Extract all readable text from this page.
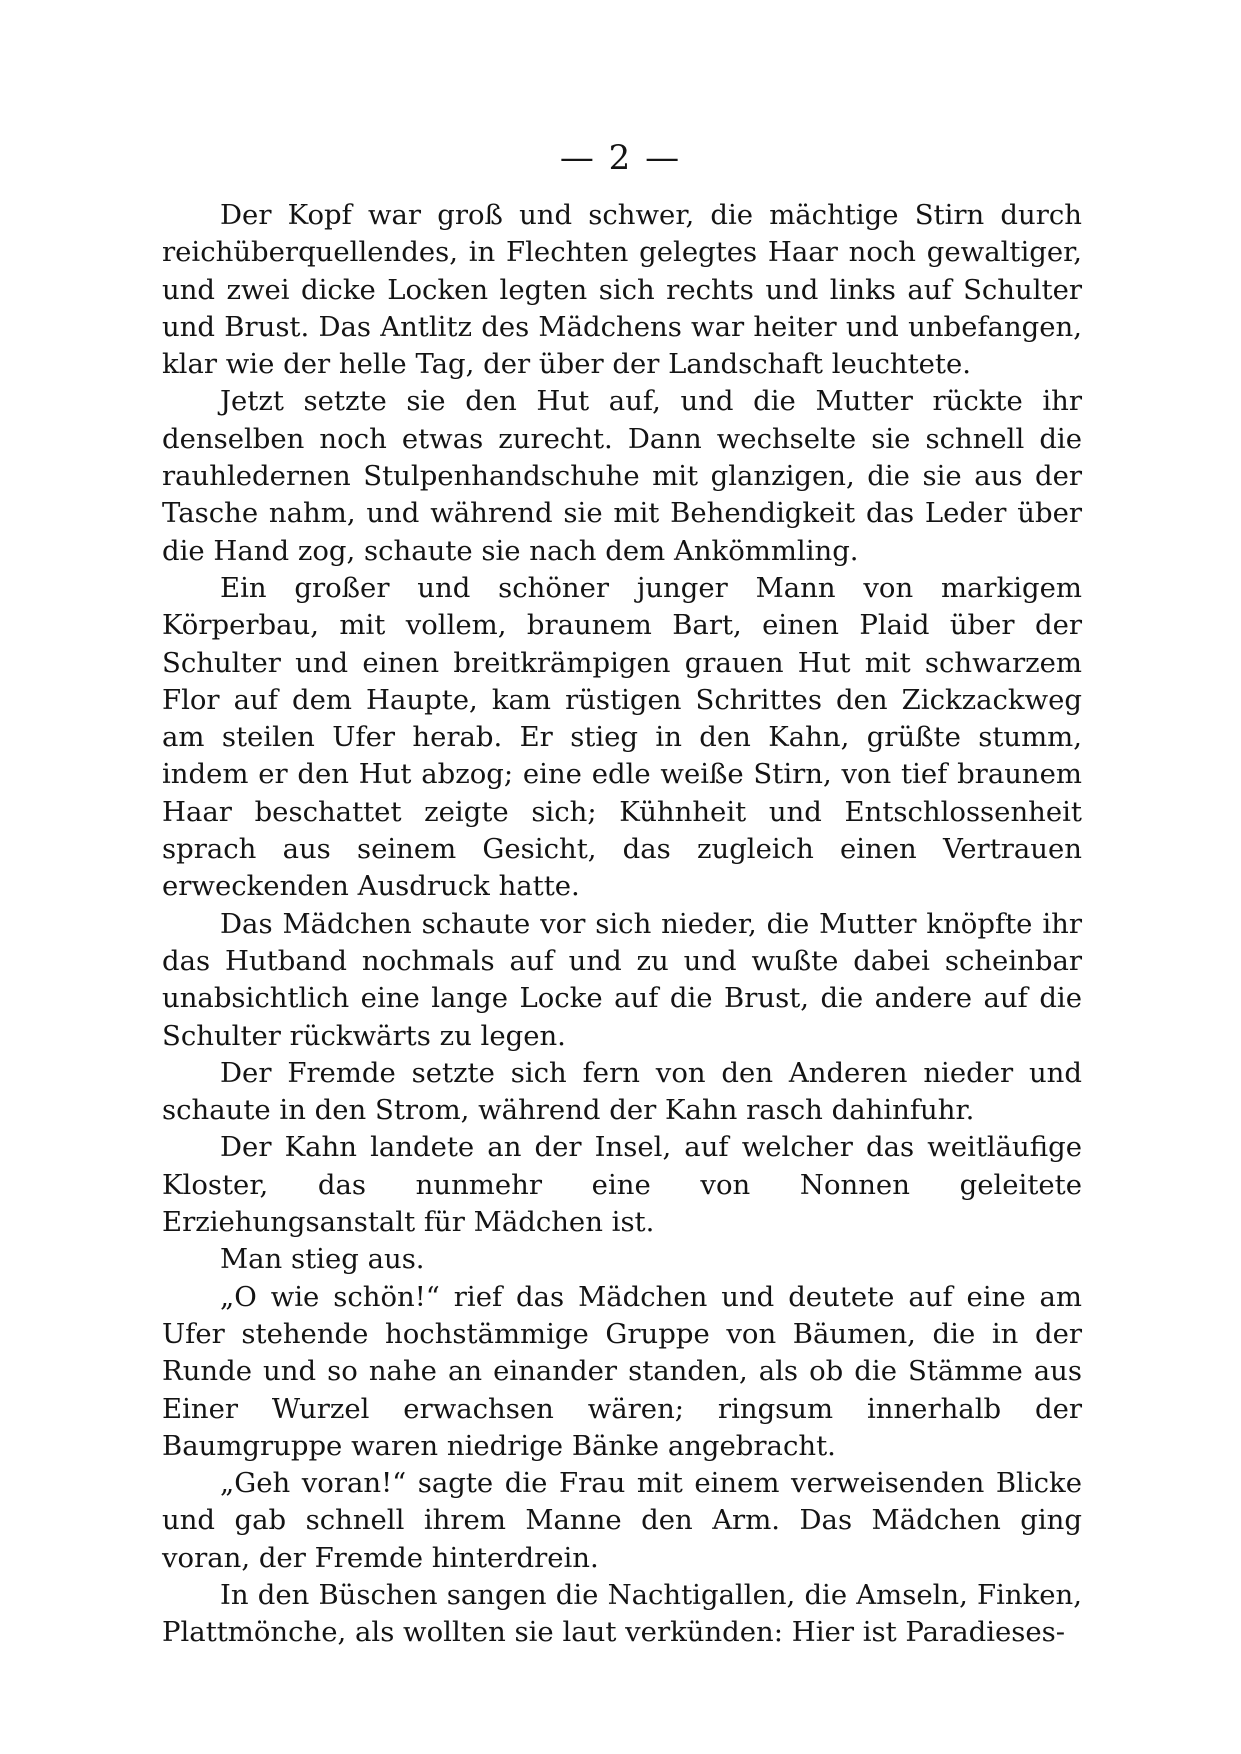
— 2 —

Der Kopf war groß und schwer, die mächtige Stirn durch reichüberquellendes, in Flechten gelegtes Haar noch gewaltiger, und zwei dicke Locken legten sich rechts und links auf Schulter und Brust. Das Antlitz des Mädchens war heiter und unbefangen, klar wie der helle Tag, der über der Landschaft leuchtete.

Jetzt setzte sie den Hut auf, und die Mutter rückte ihr denselben noch etwas zurecht. Dann wechselte sie schnell die rauhledernen Stulpenhandschuhe mit glanzigen, die sie aus der Tasche nahm, und während sie mit Behendigkeit das Leder über die Hand zog, schaute sie nach dem Ankömmling.

Ein großer und schöner junger Mann von markigem Körperbau, mit vollem, braunem Bart, einen Plaid über der Schulter und einen breitkrämpigen grauen Hut mit schwarzem Flor auf dem Haupte, kam rüstigen Schrittes den Zickzackweg am steilen Ufer herab. Er stieg in den Kahn, grüßte stumm, indem er den Hut abzog; eine edle weiße Stirn, von tief braunem Haar beschattet zeigte sich; Kühnheit und Entschlossenheit sprach aus seinem Gesicht, das zugleich einen Vertrauen erweckenden Ausdruck hatte.

Das Mädchen schaute vor sich nieder, die Mutter knöpfte ihr das Hutband nochmals auf und zu und wußte dabei scheinbar unabsichtlich eine lange Locke auf die Brust, die andere auf die Schulter rückwärts zu legen.

Der Fremde setzte sich fern von den Anderen nieder und schaute in den Strom, während der Kahn rasch dahinfuhr.

Der Kahn landete an der Insel, auf welcher das weitläufige Kloster, das nunmehr eine von Nonnen geleitete Erziehungsanstalt für Mädchen ist.

Man stieg aus.

„O wie schön!“ rief das Mädchen und deutete auf eine am Ufer stehende hochstämmige Gruppe von Bäumen, die in der Runde und so nahe an einander standen, als ob die Stämme aus Einer Wurzel erwachsen wären; ringsum innerhalb der Baumgruppe waren niedrige Bänke angebracht.

„Geh voran!“ sagte die Frau mit einem verweisenden Blicke und gab schnell ihrem Manne den Arm. Das Mädchen ging voran, der Fremde hinterdrein.

In den Büschen sangen die Nachtigallen, die Amseln, Finken, Plattmönche, als wollten sie laut verkünden: Hier ist Paradieses-
